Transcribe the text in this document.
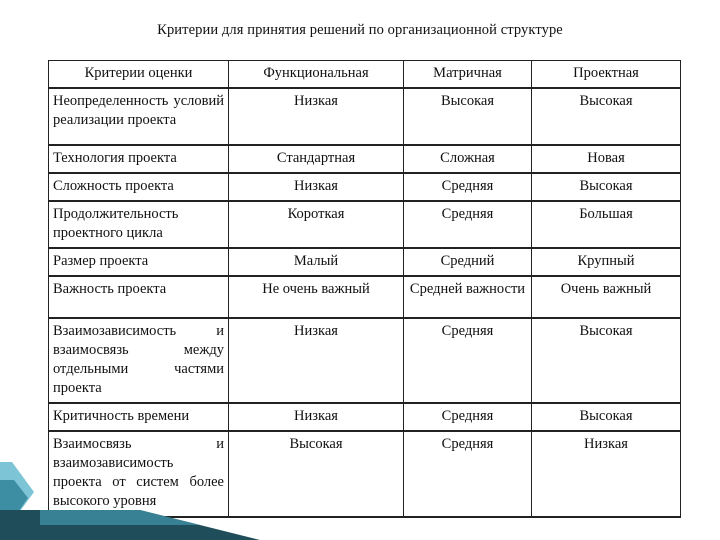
Критерии для принятия решений по организационной структуре
Критерии оценки	Функциональная	Матричная	Проектная
Неопределенность условий реализации проекта	Низкая	Высокая	Высокая
Технология проекта	Стандартная	Сложная	Новая
Сложность проекта	Низкая	Средняя	Высокая
Продолжительность проектного цикла	Короткая	Средняя	Большая
Размер проекта	Малый	Средний	Крупный
Важность проекта	Не очень важный	Средней важности	Очень важный
Взаимозависимость и взаимосвязь между отдельными частями проекта	Низкая	Средняя	Высокая
Критичность времени	Низкая	Средняя	Высокая
Взаимосвязь и взаимозависимость проекта от систем более высокого уровня	Высокая	Средняя	Низкая
